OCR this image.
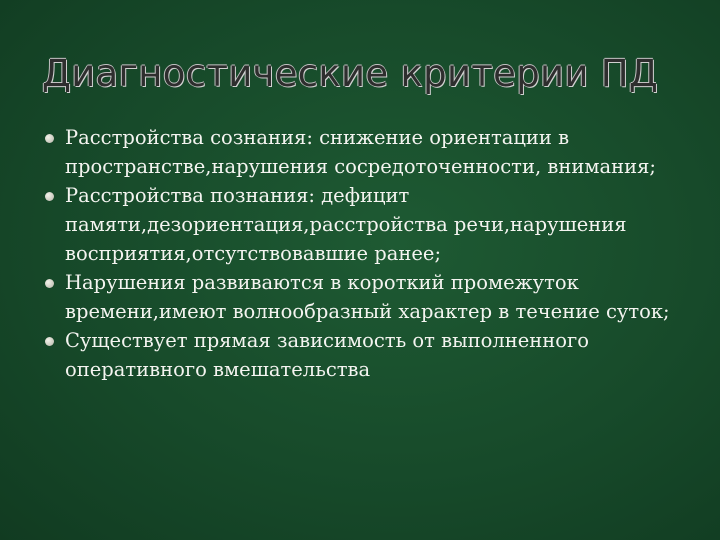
Диагностические критерии ПД
Расстройства сознания: снижение ориентации в пространстве,нарушения сосредоточенности, внимания;
Расстройства познания: дефицит памяти,дезориентация,расстройства речи,нарушения восприятия,отсутствовавшие ранее;
Нарушения развиваются в короткий промежуток времени,имеют волнообразный характер в течение суток;
Существует прямая зависимость от выполненного оперативного вмешательства
